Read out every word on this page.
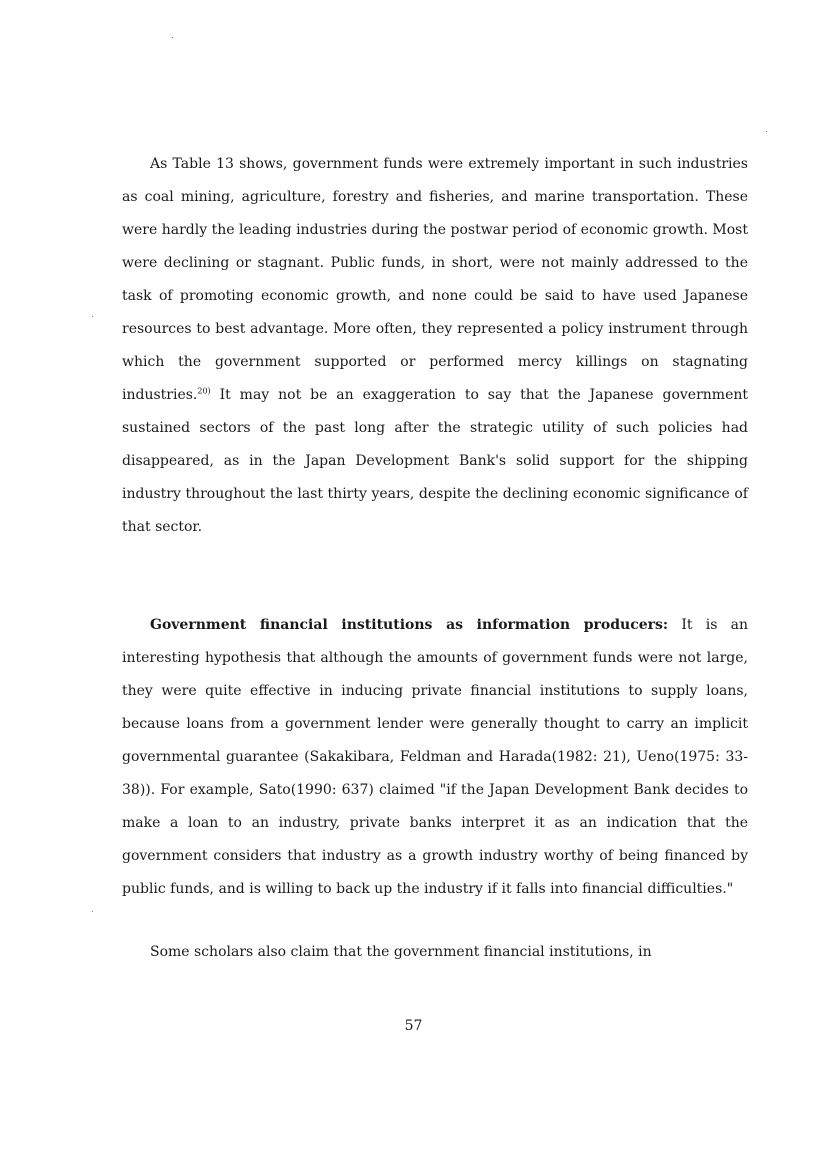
As Table 13 shows, government funds were extremely important in such industries as coal mining, agriculture, forestry and fisheries, and marine transportation. These were hardly the leading industries during the postwar period of economic growth. Most were declining or stagnant. Public funds, in short, were not mainly addressed to the task of promoting economic growth, and none could be said to have used Japanese resources to best advantage. More often, they represented a policy instrument through which the government supported or performed mercy killings on stagnating industries.$^{20)}$ It may not be an exaggeration to say that the Japanese government sustained sectors of the past long after the strategic utility of such policies had disappeared, as in the Japan Development Bank's solid support for the shipping industry throughout the last thirty years, despite the declining economic significance of that sector.

Government financial institutions as information producers: It is an interesting hypothesis that although the amounts of government funds were not large, they were quite effective in inducing private financial institutions to supply loans, because loans from a government lender were generally thought to carry an implicit governmental guarantee (Sakakibara, Feldman and Harada(1982: 21), Ueno(1975: 33-38)). For example, Sato(1990: 637) claimed "if the Japan Development Bank decides to make a loan to an industry, private banks interpret it as an indication that the government considers that industry as a growth industry worthy of being financed by public funds, and is willing to back up the industry if it falls into financial difficulties."

Some scholars also claim that the government financial institutions, in

57
